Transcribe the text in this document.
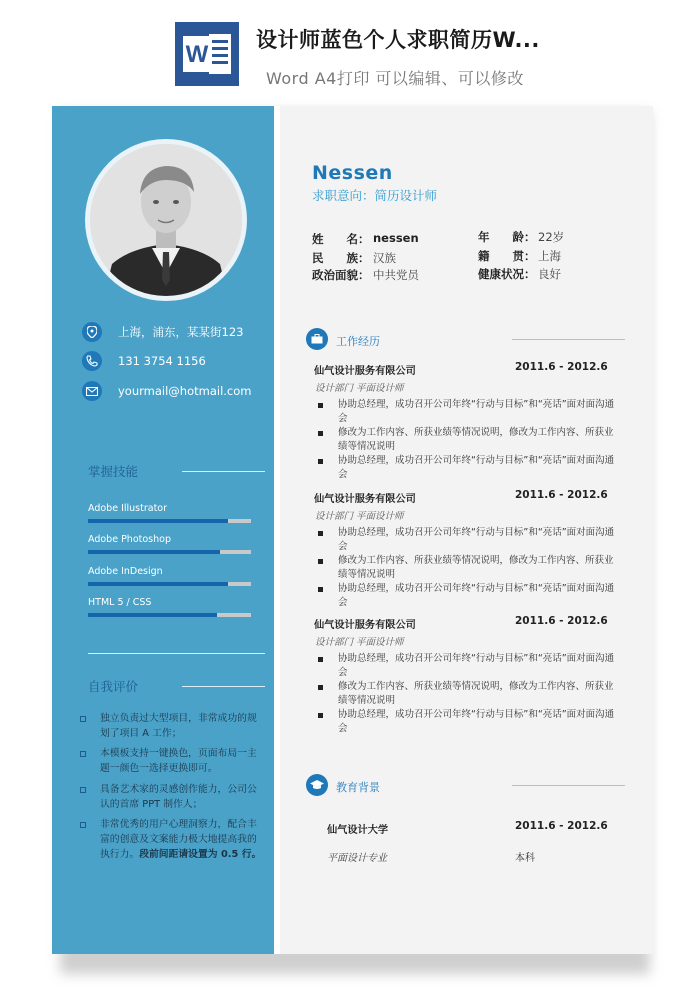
W
设计师蓝色个人求职简历W...
Word A4打印 可以编辑、可以修改
上海，浦东，某某街123
131 3754 1156
yourmail@hotmail.com
掌握技能
Adobe Illustrator
Adobe Photoshop
Adobe InDesign
HTML 5 / CSS
自我评价
独立负责过大型项目，非常成功的规划了项目 A 工作；
本模板支持一键换色，页面布局一主题一颜色一选择更换即可。
具备艺术家的灵感创作能力，公司公认的首席 PPT 制作人；
非常优秀的用户心理洞察力，配合丰富的创意及文案能力极大地提高我的执行力。段前间距请设置为 0.5 行。
Nessen
求职意向：简历设计师
姓　　名： nessen
民　　族： 汉族
政治面貌： 中共党员
年　　龄： 22岁
籍　　贯： 上海
健康状况： 良好
工作经历
仙气设计服务有限公司	2011.6 - 2012.6
设计部门 平面设计师
协助总经理，成功召开公司年终“行动与目标”和“亮话”面对面沟通会
修改为工作内容、所获业绩等情况说明，修改为工作内容、所获业绩等情况说明
协助总经理，成功召开公司年终“行动与目标”和“亮话”面对面沟通会
仙气设计服务有限公司	2011.6 - 2012.6
设计部门 平面设计师
协助总经理，成功召开公司年终“行动与目标”和“亮话”面对面沟通会
修改为工作内容、所获业绩等情况说明，修改为工作内容、所获业绩等情况说明
协助总经理，成功召开公司年终“行动与目标”和“亮话”面对面沟通会
仙气设计服务有限公司	2011.6 - 2012.6
设计部门 平面设计师
协助总经理，成功召开公司年终“行动与目标”和“亮话”面对面沟通会
修改为工作内容、所获业绩等情况说明，修改为工作内容、所获业绩等情况说明
协助总经理，成功召开公司年终“行动与目标”和“亮话”面对面沟通会
教育背景
仙气设计大学	2011.6 - 2012.6
平面设计专业	本科
